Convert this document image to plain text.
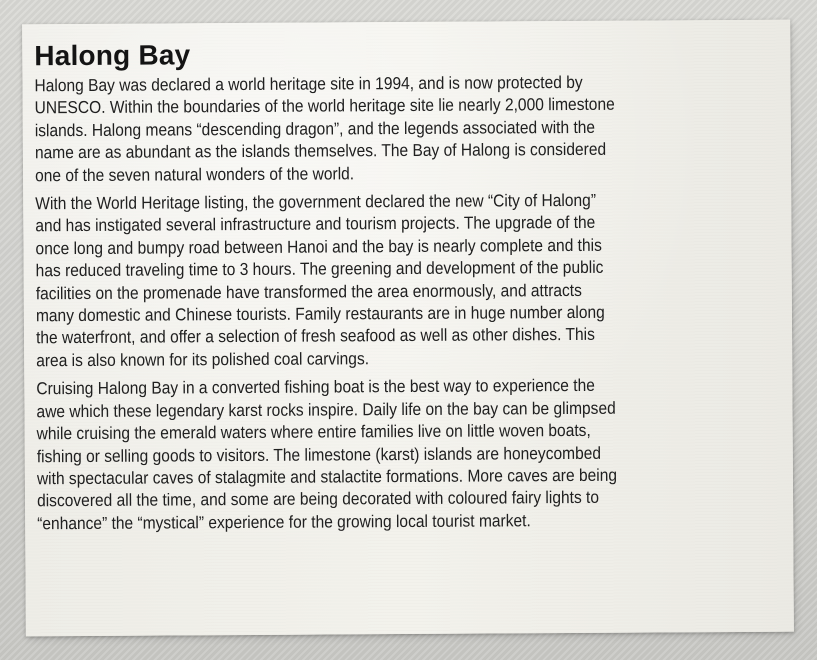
Halong Bay

Halong Bay was declared a world heritage site in 1994, and is now protected by
UNESCO. Within the boundaries of the world heritage site lie nearly 2,000 limestone
islands. Halong means “descending dragon”, and the legends associated with the
name are as abundant as the islands themselves. The Bay of Halong is considered
one of the seven natural wonders of the world.

With the World Heritage listing, the government declared the new “City of Halong”
and has instigated several infrastructure and tourism projects. The upgrade of the
once long and bumpy road between Hanoi and the bay is nearly complete and this
has reduced traveling time to 3 hours. The greening and development of the public
facilities on the promenade have transformed the area enormously, and attracts
many domestic and Chinese tourists. Family restaurants are in huge number along
the waterfront, and offer a selection of fresh seafood as well as other dishes. This
area is also known for its polished coal carvings.

Cruising Halong Bay in a converted fishing boat is the best way to experience the
awe which these legendary karst rocks inspire. Daily life on the bay can be glimpsed
while cruising the emerald waters where entire families live on little woven boats,
fishing or selling goods to visitors. The limestone (karst) islands are honeycombed
with spectacular caves of stalagmite and stalactite formations. More caves are being
discovered all the time, and some are being decorated with coloured fairy lights to
“enhance” the “mystical” experience for the growing local tourist market.
